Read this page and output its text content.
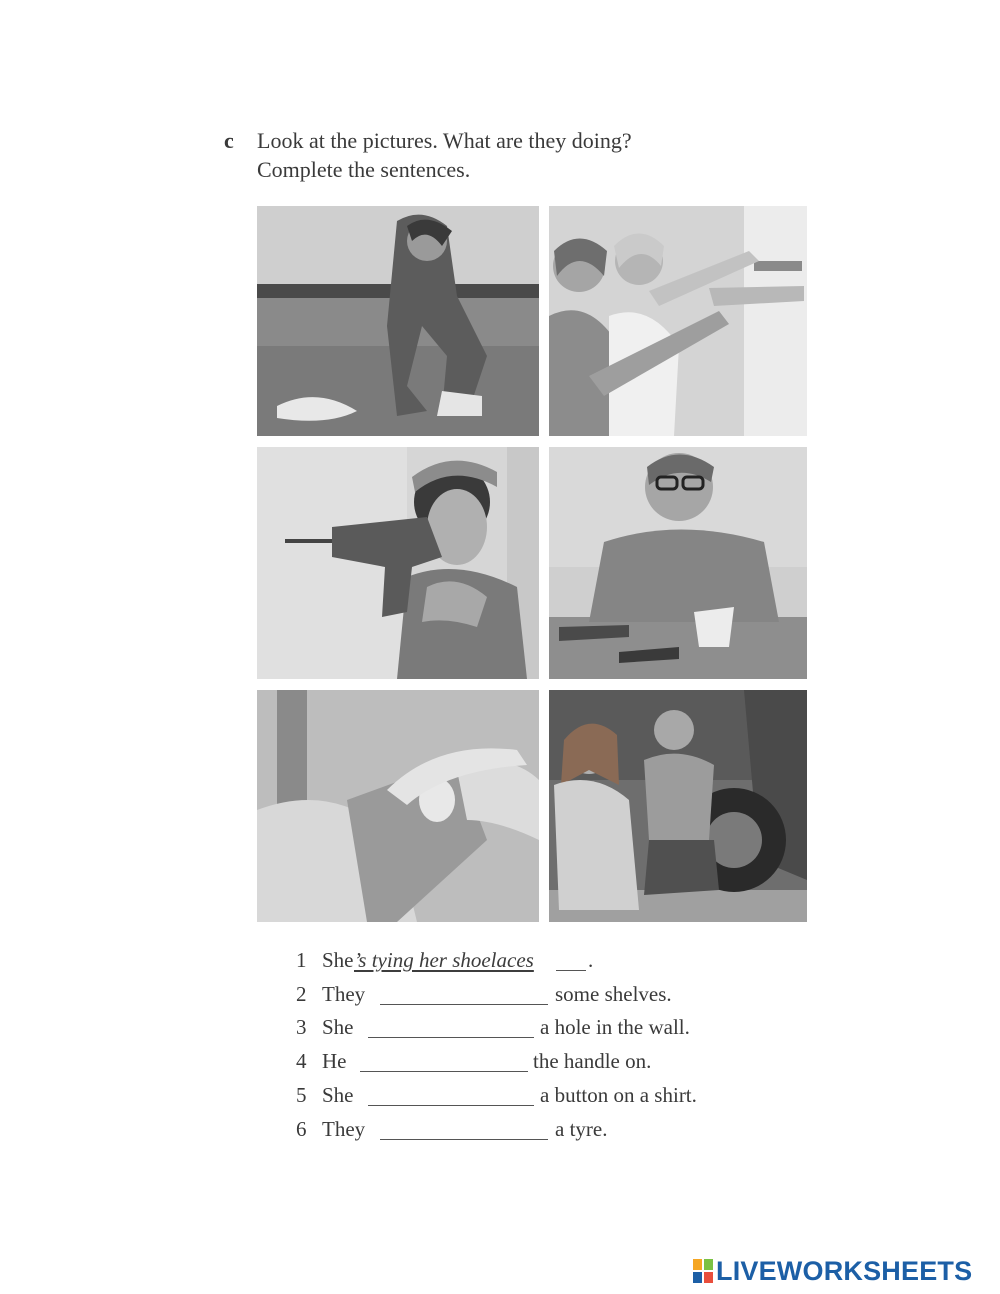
c	Look at the pictures. What are they doing?
Complete the sentences.
1 She ’s tying her shoelaces	.
2 They	some shelves.
3 She	a hole in the wall.
4 He	the handle on.
5 She	a button on a shirt.
6 They	a tyre.
LIVEWORKSHEETS
